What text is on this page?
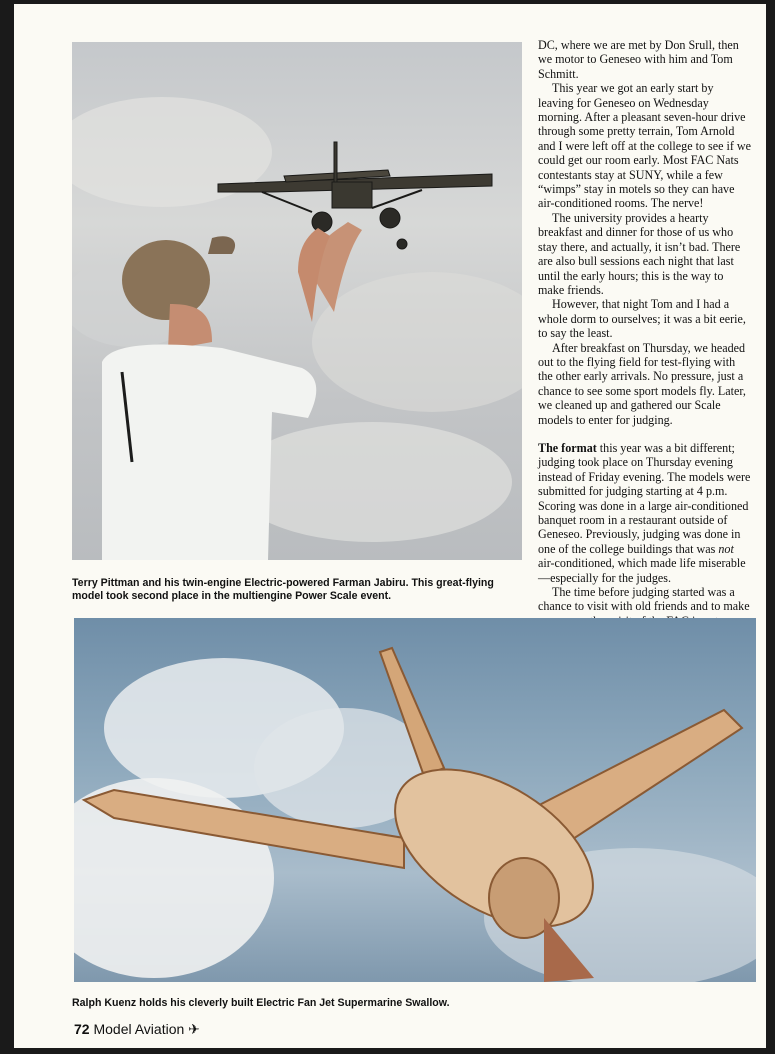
DC, where we are met by Don Srull, then we motor to Geneseo with him and Tom Schmitt.

This year we got an early start by leaving for Geneseo on Wednesday morning. After a pleasant seven-hour drive through some pretty terrain, Tom Arnold and I were left off at the college to see if we could get our room early. Most FAC Nats contestants stay at SUNY, while a few “wimps” stay in motels so they can have air-conditioned rooms. The nerve!

The university provides a hearty breakfast and dinner for those of us who stay there, and actually, it isn’t bad. There are also bull sessions each night that last until the early hours; this is the way to make friends.

However, that night Tom and I had a whole dorm to ourselves; it was a bit eerie, to say the least.

After breakfast on Thursday, we headed out to the flying field for test-flying with the other early arrivals. No pressure, just a chance to see some sport models fly. Later, we cleaned up and gathered our Scale models to enter for judging.

The format this year was a bit different; judging took place on Thursday evening instead of Friday evening. The models were submitted for judging starting at 4 p.m. Scoring was done in a large air-conditioned banquet room in a restaurant outside of Geneseo. Previously, judging was done in one of the college buildings that was not air-conditioned, which made life miserable—especially for the judges.

The time before judging started was a chance to visit with old friends and to make

Terry Pittman and his twin-engine Electric-powered Farman Jabiru. This great-flying model took second place in the multiengine Power Scale event.
Ralph Kuenz holds his cleverly built Electric Fan Jet Supermarine Swallow.
72 Model Aviation ✈
